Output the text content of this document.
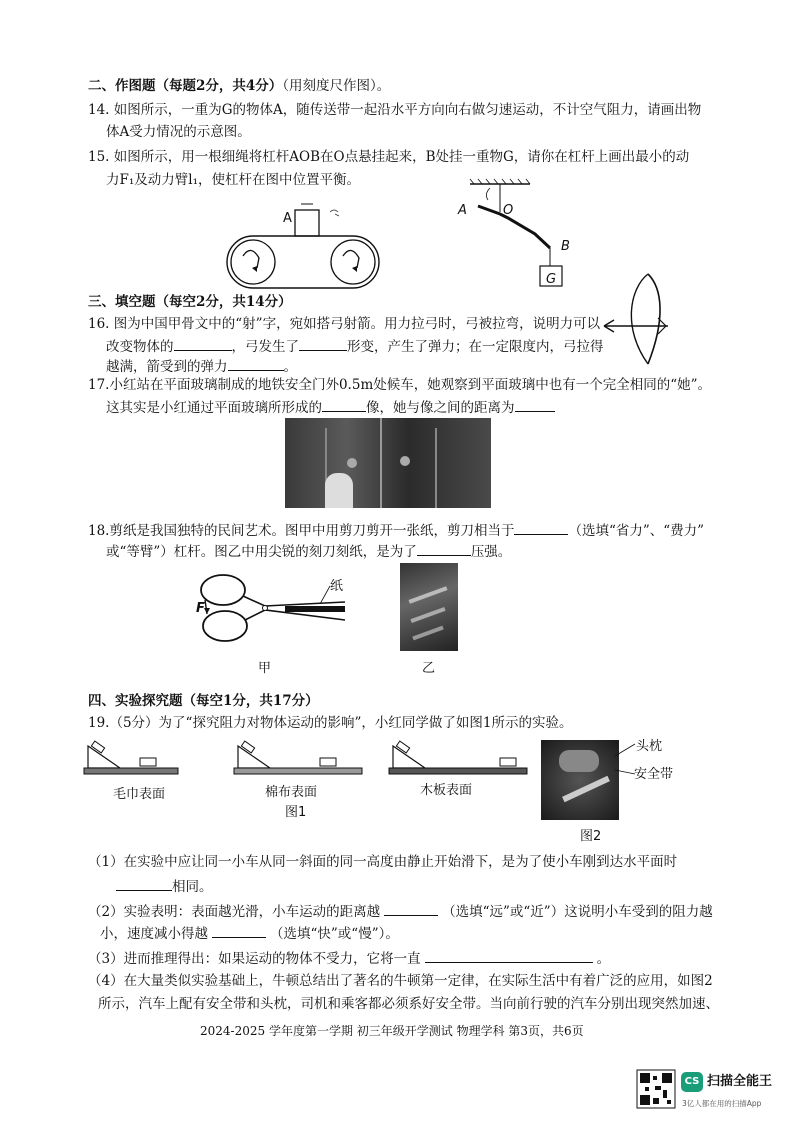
二、作图题（每题2分，共4分）（用刻度尺作图）。
14. 如图所示，一重为G的物体A，随传送带一起沿水平方向向右做匀速运动，不计空气阻力，请画出物
体A受力情况的示意图。
15. 如图所示，用一根细绳将杠杆AOB在O点悬挂起来，B处挂一重物G，请你在杠杆上画出最小的动
力F₁及动力臂l₁，使杠杆在图中位置平衡。
A
A	O
B
G
三、填空题（每空2分，共14分）
16. 图为中国甲骨文中的“射”字，宛如搭弓射箭。用力拉弓时，弓被拉弯，说明力可以
改变物体的	，弓发生了	形变，产生了弹力；在一定限度内，弓拉得
越满，箭受到的弹力	。
17.小红站在平面玻璃制成的地铁安全门外0.5m处候车，她观察到平面玻璃中也有一个完全相同的“她”。
这其实是小红通过平面玻璃所形成的	像，她与像之间的距离为
18.剪纸是我国独特的民间艺术。图甲中用剪刀剪开一张纸，剪刀相当于	（选填“省力”、“费力”
或“等臂”）杠杆。图乙中用尖锐的刻刀刻纸，是为了	压强。
F
纸
甲	乙
四、实验探究题（每空1分，共17分）
19.（5分）为了“探究阻力对物体运动的影响”，小红同学做了如图1所示的实验。
毛巾表面	棉布表面	木板表面
图1
头枕
安全带
图2
（1）在实验中应让同一小车从同一斜面的同一高度由静止开始滑下，是为了使小车刚到达水平面时
相同。
（2）实验表明：表面越光滑，小车运动的距离越	（选填“远”或“近”）这说明小车受到的阻力越
小，速度减小得越	（选填“快”或“慢”）。
（3）进而推理得出：如果运动的物体不受力，它将一直	。
（4）在大量类似实验基础上，牛顿总结出了著名的牛顿第一定律，在实际生活中有着广泛的应用，如图2
所示，汽车上配有安全带和头枕，司机和乘客都必须系好安全带。当向前行驶的汽车分别出现突然加速、
2024-2025 学年度第一学期 初三年级开学测试 物理学科 第3页，共6页
CS 扫描全能王
3亿人都在用的扫描App
